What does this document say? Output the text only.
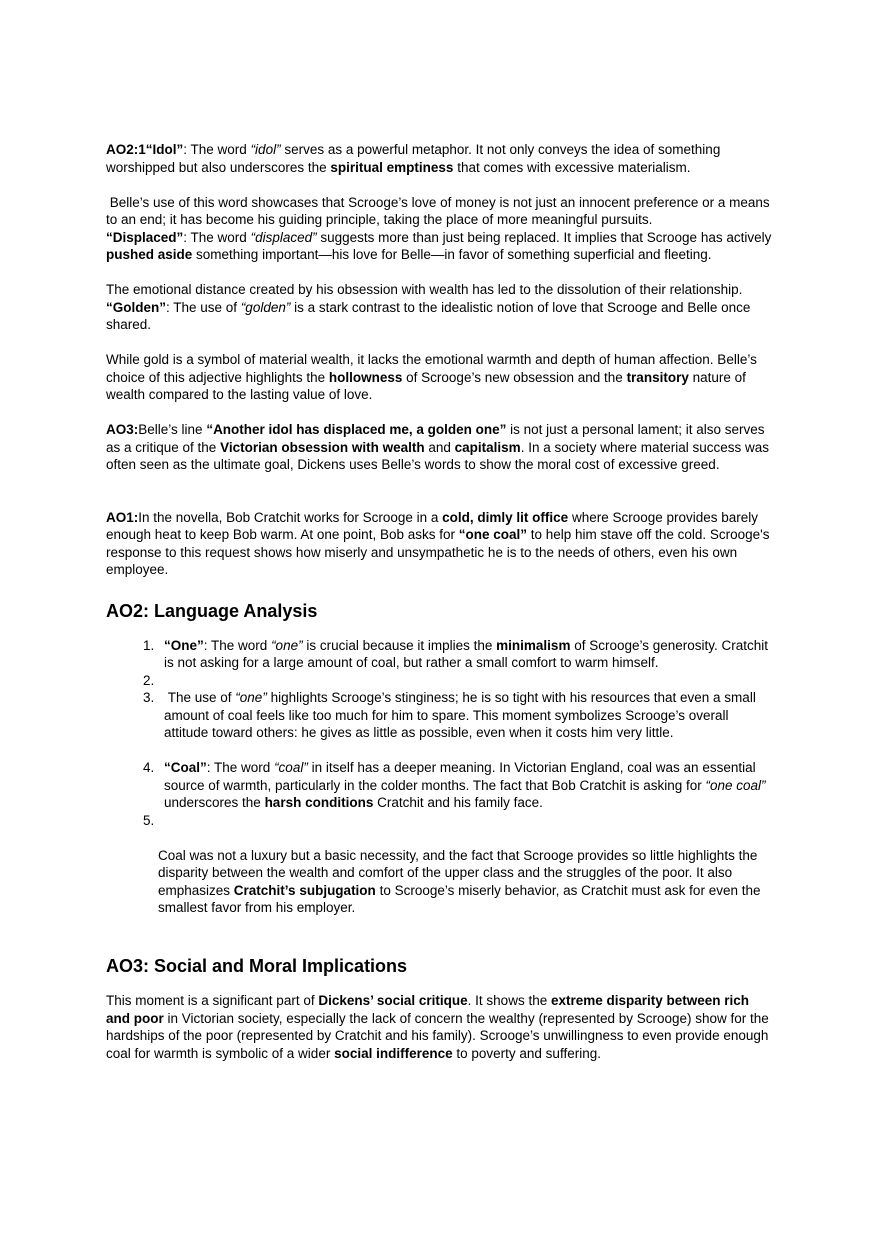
AO2:1“Idol”: The word “idol” serves as a powerful metaphor. It not only conveys the idea of something worshipped but also underscores the spiritual emptiness that comes with excessive materialism.

Belle’s use of this word showcases that Scrooge’s love of money is not just an innocent preference or a means to an end; it has become his guiding principle, taking the place of more meaningful pursuits.

“Displaced”: The word “displaced” suggests more than just being replaced. It implies that Scrooge has actively pushed aside something important—his love for Belle—in favor of something superficial and fleeting.

The emotional distance created by his obsession with wealth has led to the dissolution of their relationship.

“Golden”: The use of “golden” is a stark contrast to the idealistic notion of love that Scrooge and Belle once shared.

While gold is a symbol of material wealth, it lacks the emotional warmth and depth of human affection. Belle’s choice of this adjective highlights the hollowness of Scrooge’s new obsession and the transitory nature of wealth compared to the lasting value of love.

AO3:Belle’s line “Another idol has displaced me, a golden one” is not just a personal lament; it also serves as a critique of the Victorian obsession with wealth and capitalism. In a society where material success was often seen as the ultimate goal, Dickens uses Belle’s words to show the moral cost of excessive greed.

AO1:In the novella, Bob Cratchit works for Scrooge in a cold, dimly lit office where Scrooge provides barely enough heat to keep Bob warm. At one point, Bob asks for “one coal” to help him stave off the cold. Scrooge's response to this request shows how miserly and unsympathetic he is to the needs of others, even his own employee.

AO2: Language Analysis
1. “One”: The word “one” is crucial because it implies the minimalism of Scrooge’s generosity. Cratchit is not asking for a large amount of coal, but rather a small comfort to warm himself.
2.
3.  The use of “one” highlights Scrooge’s stinginess; he is so tight with his resources that even a small amount of coal feels like too much for him to spare. This moment symbolizes Scrooge’s overall attitude toward others: he gives as little as possible, even when it costs him very little.
4. “Coal”: The word “coal” in itself has a deeper meaning. In Victorian England, coal was an essential source of warmth, particularly in the colder months. The fact that Bob Cratchit is asking for “one coal” underscores the harsh conditions Cratchit and his family face.
5.

Coal was not a luxury but a basic necessity, and the fact that Scrooge provides so little highlights the disparity between the wealth and comfort of the upper class and the struggles of the poor. It also emphasizes Cratchit’s subjugation to Scrooge’s miserly behavior, as Cratchit must ask for even the smallest favor from his employer.

AO3: Social and Moral Implications

This moment is a significant part of Dickens’ social critique. It shows the extreme disparity between rich and poor in Victorian society, especially the lack of concern the wealthy (represented by Scrooge) show for the hardships of the poor (represented by Cratchit and his family). Scrooge’s unwillingness to even provide enough coal for warmth is symbolic of a wider social indifference to poverty and suffering.
